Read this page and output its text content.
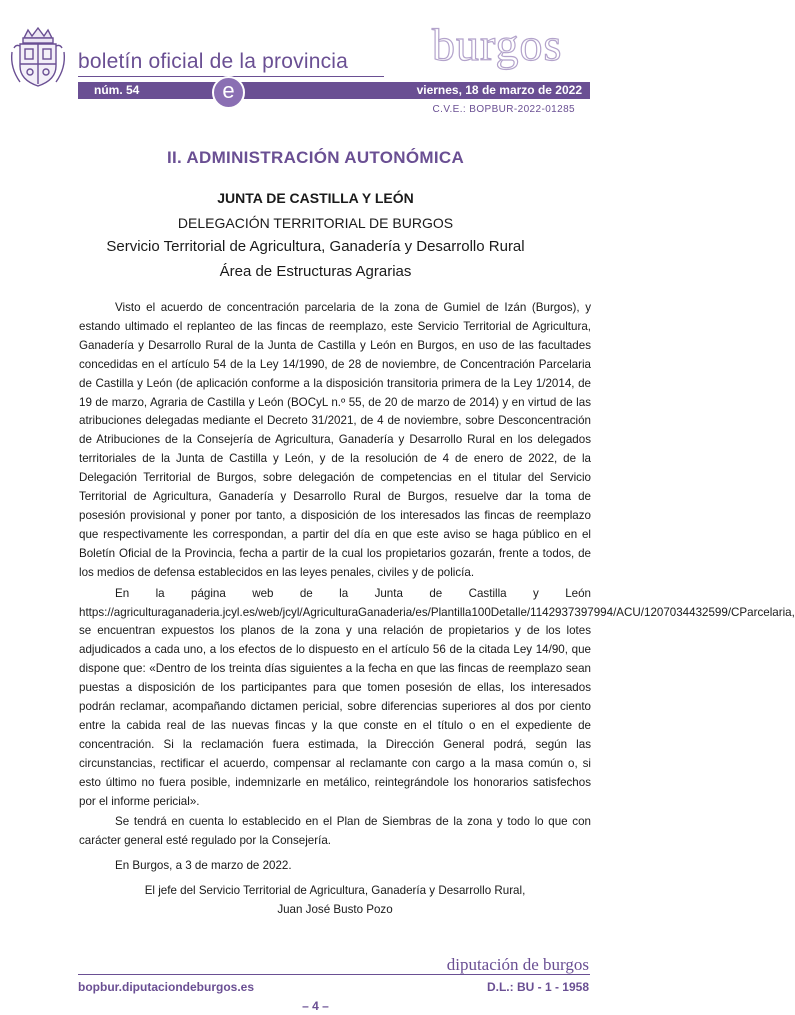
boletín oficial de la provincia burgos
núm. 54	viernes, 18 de marzo de 2022
e
C.V.E.: BOPBUR-2022-01285
II. ADMINISTRACIÓN AUTONÓMICA
JUNTA DE CASTILLA Y LEÓN
DELEGACIÓN TERRITORIAL DE BURGOS
Servicio Territorial de Agricultura, Ganadería y Desarrollo Rural
Área de Estructuras Agrarias

Visto el acuerdo de concentración parcelaria de la zona de Gumiel de Izán (Burgos), y estando ultimado el replanteo de las fincas de reemplazo, este Servicio Territorial de Agricultura, Ganadería y Desarrollo Rural de la Junta de Castilla y León en Burgos, en uso de las facultades concedidas en el artículo 54 de la Ley 14/1990, de 28 de noviembre, de Concentración Parcelaria de Castilla y León (de aplicación conforme a la disposición transitoria primera de la Ley 1/2014, de 19 de marzo, Agraria de Castilla y León (BOCyL n.º 55, de 20 de marzo de 2014) y en virtud de las atribuciones delegadas mediante el Decreto 31/2021, de 4 de noviembre, sobre Desconcentración de Atribuciones de la Consejería de Agricultura, Ganadería y Desarrollo Rural en los delegados territoriales de la Junta de Castilla y León, y de la resolución de 4 de enero de 2022, de la Delegación Territorial de Burgos, sobre delegación de competencias en el titular del Servicio Territorial de Agricultura, Ganadería y Desarrollo Rural de Burgos, resuelve dar la toma de posesión provisional y poner por tanto, a disposición de los interesados las fincas de reemplazo que respectivamente les correspondan, a partir del día en que este aviso se haga público en el Boletín Oficial de la Provincia, fecha a partir de la cual los propietarios gozarán, frente a todos, de los medios de defensa establecidos en las leyes penales, civiles y de policía.

En la página web de la Junta de Castilla y León https://agriculturaganaderia.jcyl.es/web/jcyl/AgriculturaGanaderia/es/Plantilla100Detalle/1142937397994/ACU/1207034432599/CParcelaria, se encuentran expuestos los planos de la zona y una relación de propietarios y de los lotes adjudicados a cada uno, a los efectos de lo dispuesto en el artículo 56 de la citada Ley 14/90, que dispone que: «Dentro de los treinta días siguientes a la fecha en que las fincas de reemplazo sean puestas a disposición de los participantes para que tomen posesión de ellas, los interesados podrán reclamar, acompañando dictamen pericial, sobre diferencias superiores al dos por ciento entre la cabida real de las nuevas fincas y la que conste en el título o en el expediente de concentración. Si la reclamación fuera estimada, la Dirección General podrá, según las circunstancias, rectificar el acuerdo, compensar al reclamante con cargo a la masa común o, si esto último no fuera posible, indemnizarle en metálico, reintegrándole los honorarios satisfechos por el informe pericial».

Se tendrá en cuenta lo establecido en el Plan de Siembras de la zona y todo lo que con carácter general esté regulado por la Consejería.

En Burgos, a 3 de marzo de 2022.

El jefe del Servicio Territorial de Agricultura, Ganadería y Desarrollo Rural,

Juan José Busto Pozo

diputación de burgos
bopbur.diputaciondeburgos.es	D.L.: BU - 1 - 1958
– 4 –
